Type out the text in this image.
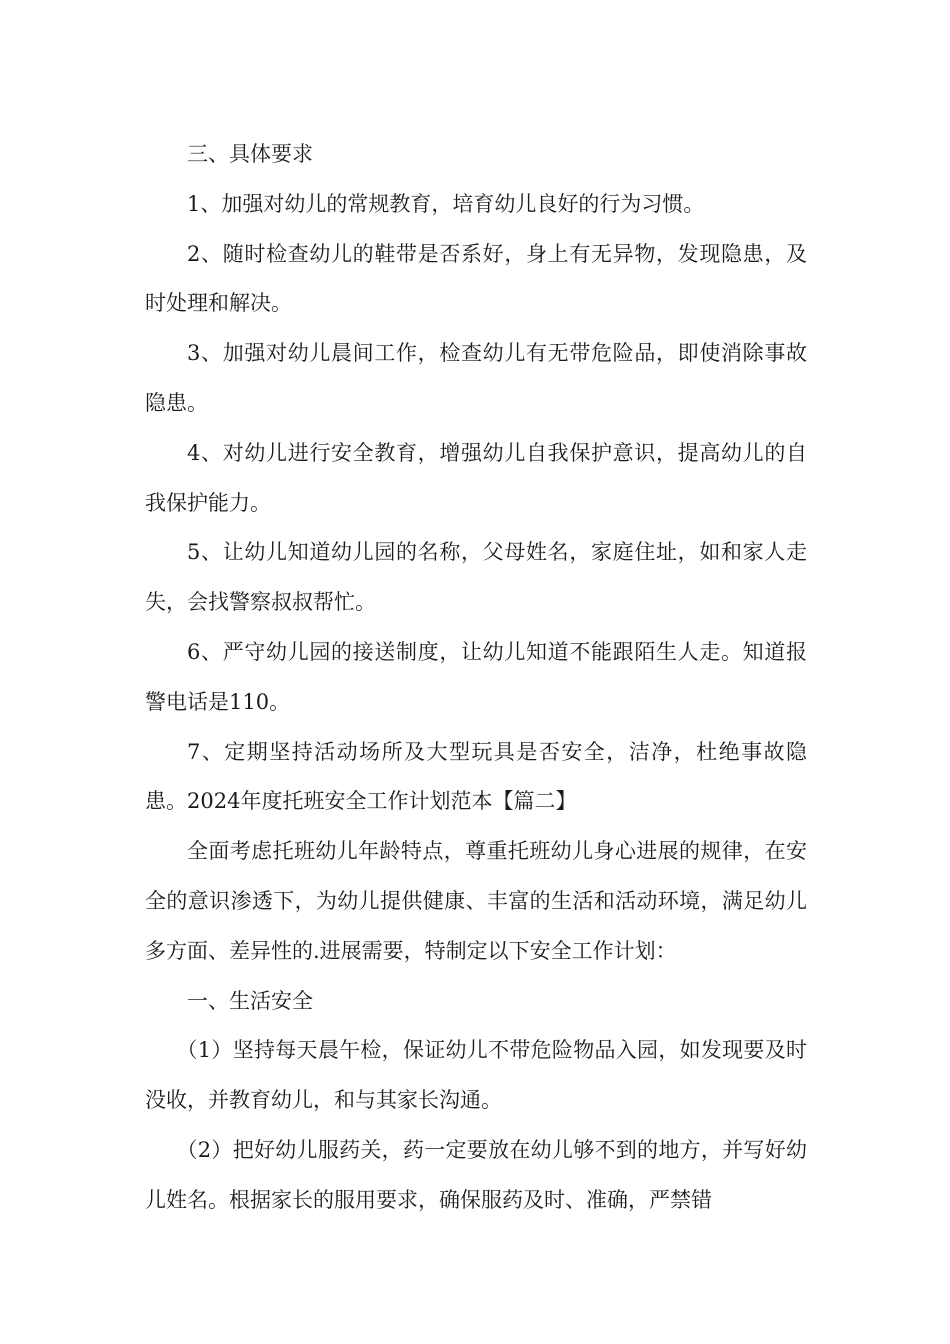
三、具体要求

1、加强对幼儿的常规教育，培育幼儿良好的行为习惯。

2、随时检查幼儿的鞋带是否系好，身上有无异物，发现隐患，及时处理和解决。

3、加强对幼儿晨间工作，检查幼儿有无带危险品，即使消除事故隐患。

4、对幼儿进行安全教育，增强幼儿自我保护意识，提高幼儿的自我保护能力。

5、让幼儿知道幼儿园的名称，父母姓名，家庭住址，如和家人走失，会找警察叔叔帮忙。

6、严守幼儿园的接送制度，让幼儿知道不能跟陌生人走。知道报警电话是110。

7、定期坚持活动场所及大型玩具是否安全，洁净，杜绝事故隐患。2024年度托班安全工作计划范本【篇二】

全面考虑托班幼儿年龄特点，尊重托班幼儿身心进展的规律，在安全的意识渗透下，为幼儿提供健康、丰富的生活和活动环境，满足幼儿多方面、差异性的.进展需要，特制定以下安全工作计划：

一、生活安全

（1）坚持每天晨午检，保证幼儿不带危险物品入园，如发现要及时没收，并教育幼儿，和与其家长沟通。

（2）把好幼儿服药关，药一定要放在幼儿够不到的地方，并写好幼儿姓名。根据家长的服用要求，确保服药及时、准确，严禁错
